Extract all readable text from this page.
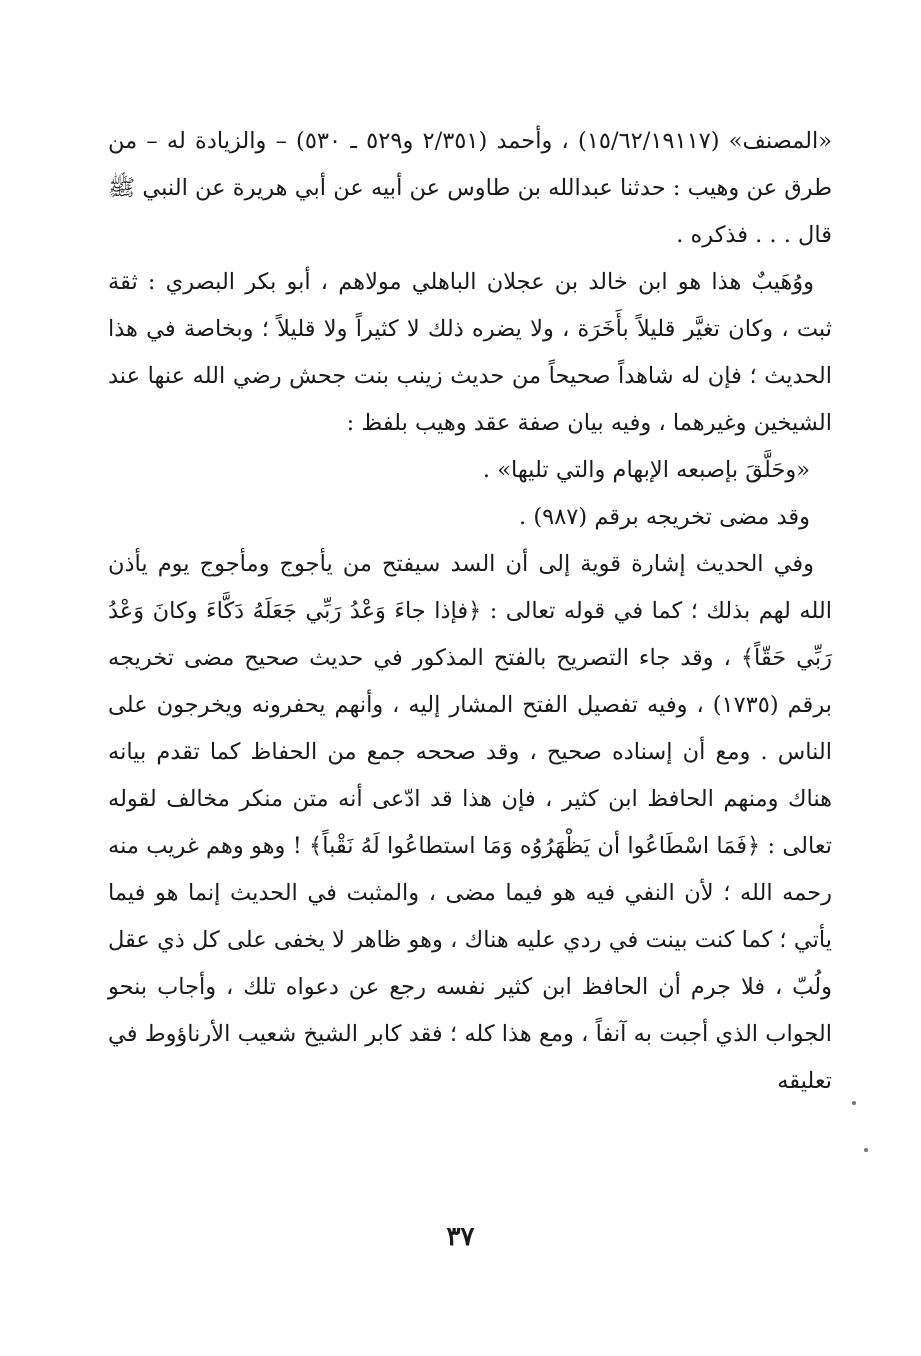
«المصنف» (١٥/٦٢/١٩١١٧) ، وأحمد (٢/٣٥١ و٥٢٩ ـ ٥٣٠) – والزيادة له – من طرق عن وهيب : حدثنا عبدالله بن طاوس عن أبيه عن أبي هريرة عن النبي ﷺ قال . . . فذكره .

ووُهَيبٌ هذا هو ابن خالد بن عجلان الباهلي مولاهم ، أبو بكر البصري : ثقة ثبت ، وكان تغيَّر قليلاً بأَخَرَة ، ولا يضره ذلك لا كثيراً ولا قليلاً ؛ وبخاصة في هذا الحديث ؛ فإن له شاهداً صحيحاً من حديث زينب بنت جحش رضي الله عنها عند الشيخين وغيرهما ، وفيه بيان صفة عقد وهيب بلفظ :

«وحَلَّقَ بإصبعه الإبهام والتي تليها» .

وقد مضى تخريجه برقم (٩٨٧) .

وفي الحديث إشارة قوية إلى أن السد سيفتح من يأجوج ومأجوج يوم يأذن الله لهم بذلك ؛ كما في قوله تعالى : ﴿فإذا جاءَ وَعْدُ رَبِّي جَعَلَهُ دَكَّاءَ وكانَ وَعْدُ رَبِّي حَقّاً﴾ ، وقد جاء التصريح بالفتح المذكور في حديث صحيح مضى تخريجه برقم (١٧٣٥) ، وفيه تفصيل الفتح المشار إليه ، وأنهم يحفرونه ويخرجون على الناس . ومع أن إسناده صحيح ، وقد صححه جمع من الحفاظ كما تقدم بيانه هناك ومنهم الحافظ ابن كثير ، فإن هذا قد ادّعى أنه متن منكر مخالف لقوله تعالى : ﴿فَمَا اسْطَاعُوا أن يَظْهَرُوُه وَمَا استطاعُوا لَهُ نَقْباً﴾ ! وهو وهم غريب منه رحمه الله ؛ لأن النفي فيه هو فيما مضى ، والمثبت في الحديث إنما هو فيما يأتي ؛ كما كنت بينت في ردي عليه هناك ، وهو ظاهر لا يخفى على كل ذي عقل ولُبّ ، فلا جرم أن الحافظ ابن كثير نفسه رجع عن دعواه تلك ، وأجاب بنحو الجواب الذي أجبت به آنفاً ، ومع هذا كله ؛ فقد كابر الشيخ شعيب الأرناؤوط في تعليقه

٣٧
